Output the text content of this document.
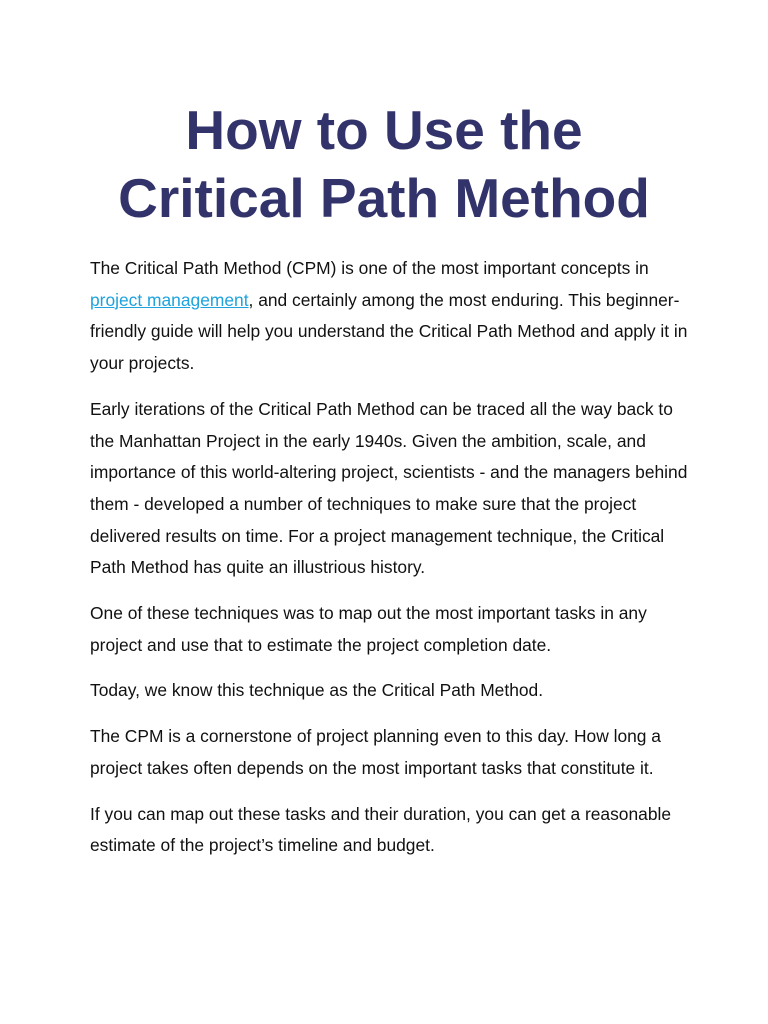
How to Use the
Critical Path Method

The Critical Path Method (CPM) is one of the most important concepts in project management, and certainly among the most enduring. This beginner-friendly guide will help you understand the Critical Path Method and apply it in your projects.

Early iterations of the Critical Path Method can be traced all the way back to the Manhattan Project in the early 1940s. Given the ambition, scale, and importance of this world-altering project, scientists - and the managers behind them - developed a number of techniques to make sure that the project delivered results on time. For a project management technique, the Critical Path Method has quite an illustrious history.

One of these techniques was to map out the most important tasks in any project and use that to estimate the project completion date.

Today, we know this technique as the Critical Path Method.

The CPM is a cornerstone of project planning even to this day. How long a project takes often depends on the most important tasks that constitute it.

If you can map out these tasks and their duration, you can get a reasonable estimate of the project’s timeline and budget.
